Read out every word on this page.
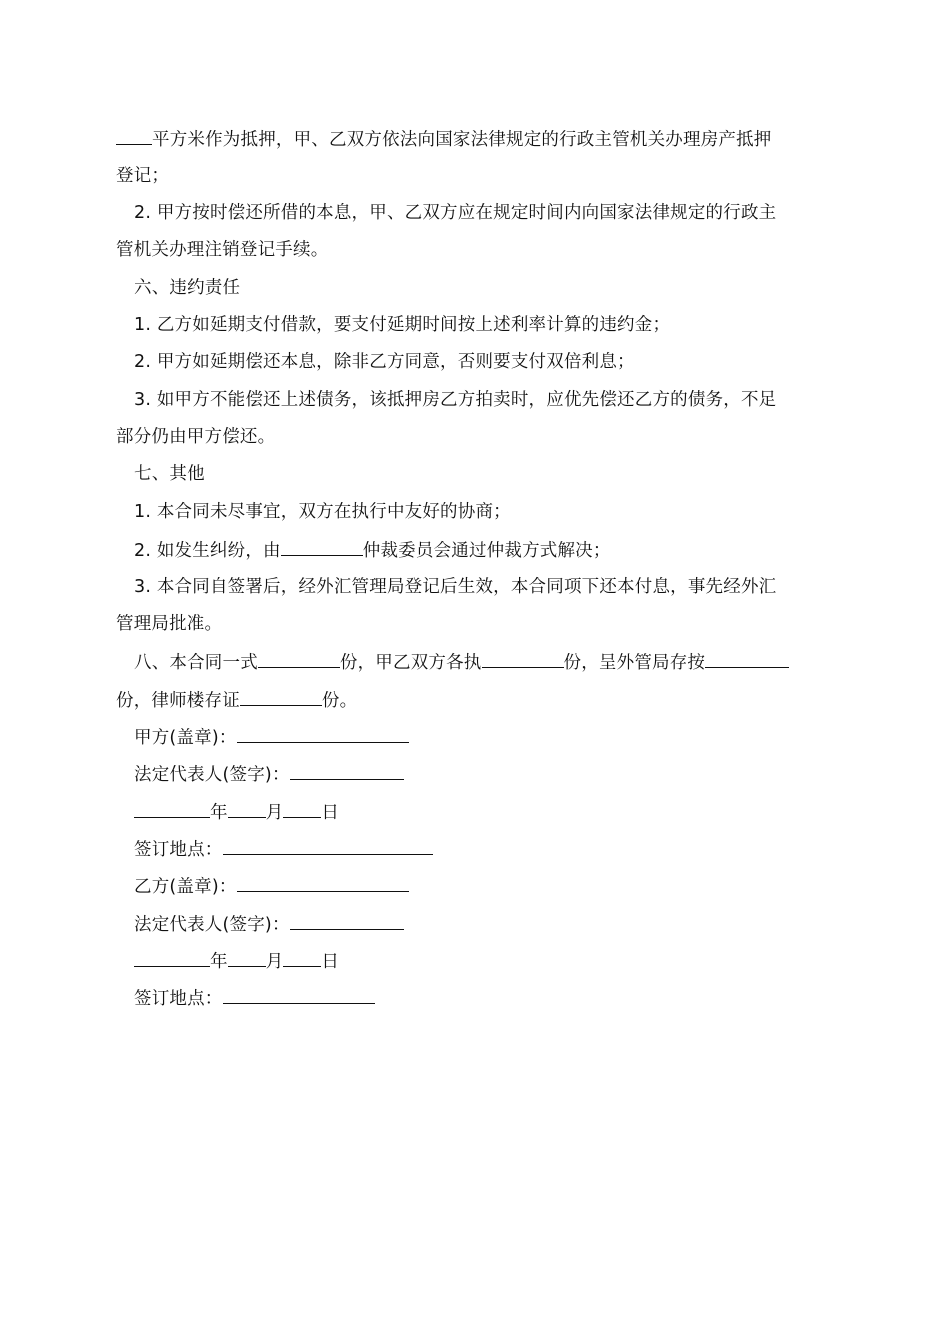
平方米作为抵押，甲、乙双方依法向国家法律规定的行政主管机关办理房产抵押
登记；
2. 甲方按时偿还所借的本息，甲、乙双方应在规定时间内向国家法律规定的行政主
管机关办理注销登记手续。
六、违约责任
1. 乙方如延期支付借款，要支付延期时间按上述利率计算的违约金；
2. 甲方如延期偿还本息，除非乙方同意，否则要支付双倍利息；
3. 如甲方不能偿还上述债务，该抵押房乙方拍卖时，应优先偿还乙方的债务，不足
部分仍由甲方偿还。
七、其他
1. 本合同未尽事宜，双方在执行中友好的协商；
2. 如发生纠纷，由	仲裁委员会通过仲裁方式解决；
3. 本合同自签署后，经外汇管理局登记后生效，本合同项下还本付息，事先经外汇
管理局批准。
八、本合同一式	份，甲乙双方各执	份，呈外管局存按
份，律师楼存证	份。
甲方(盖章)：
法定代表人(签字)：
年 月 日
签订地点：
乙方(盖章)：
法定代表人(签字)：
年 月 日
签订地点：
